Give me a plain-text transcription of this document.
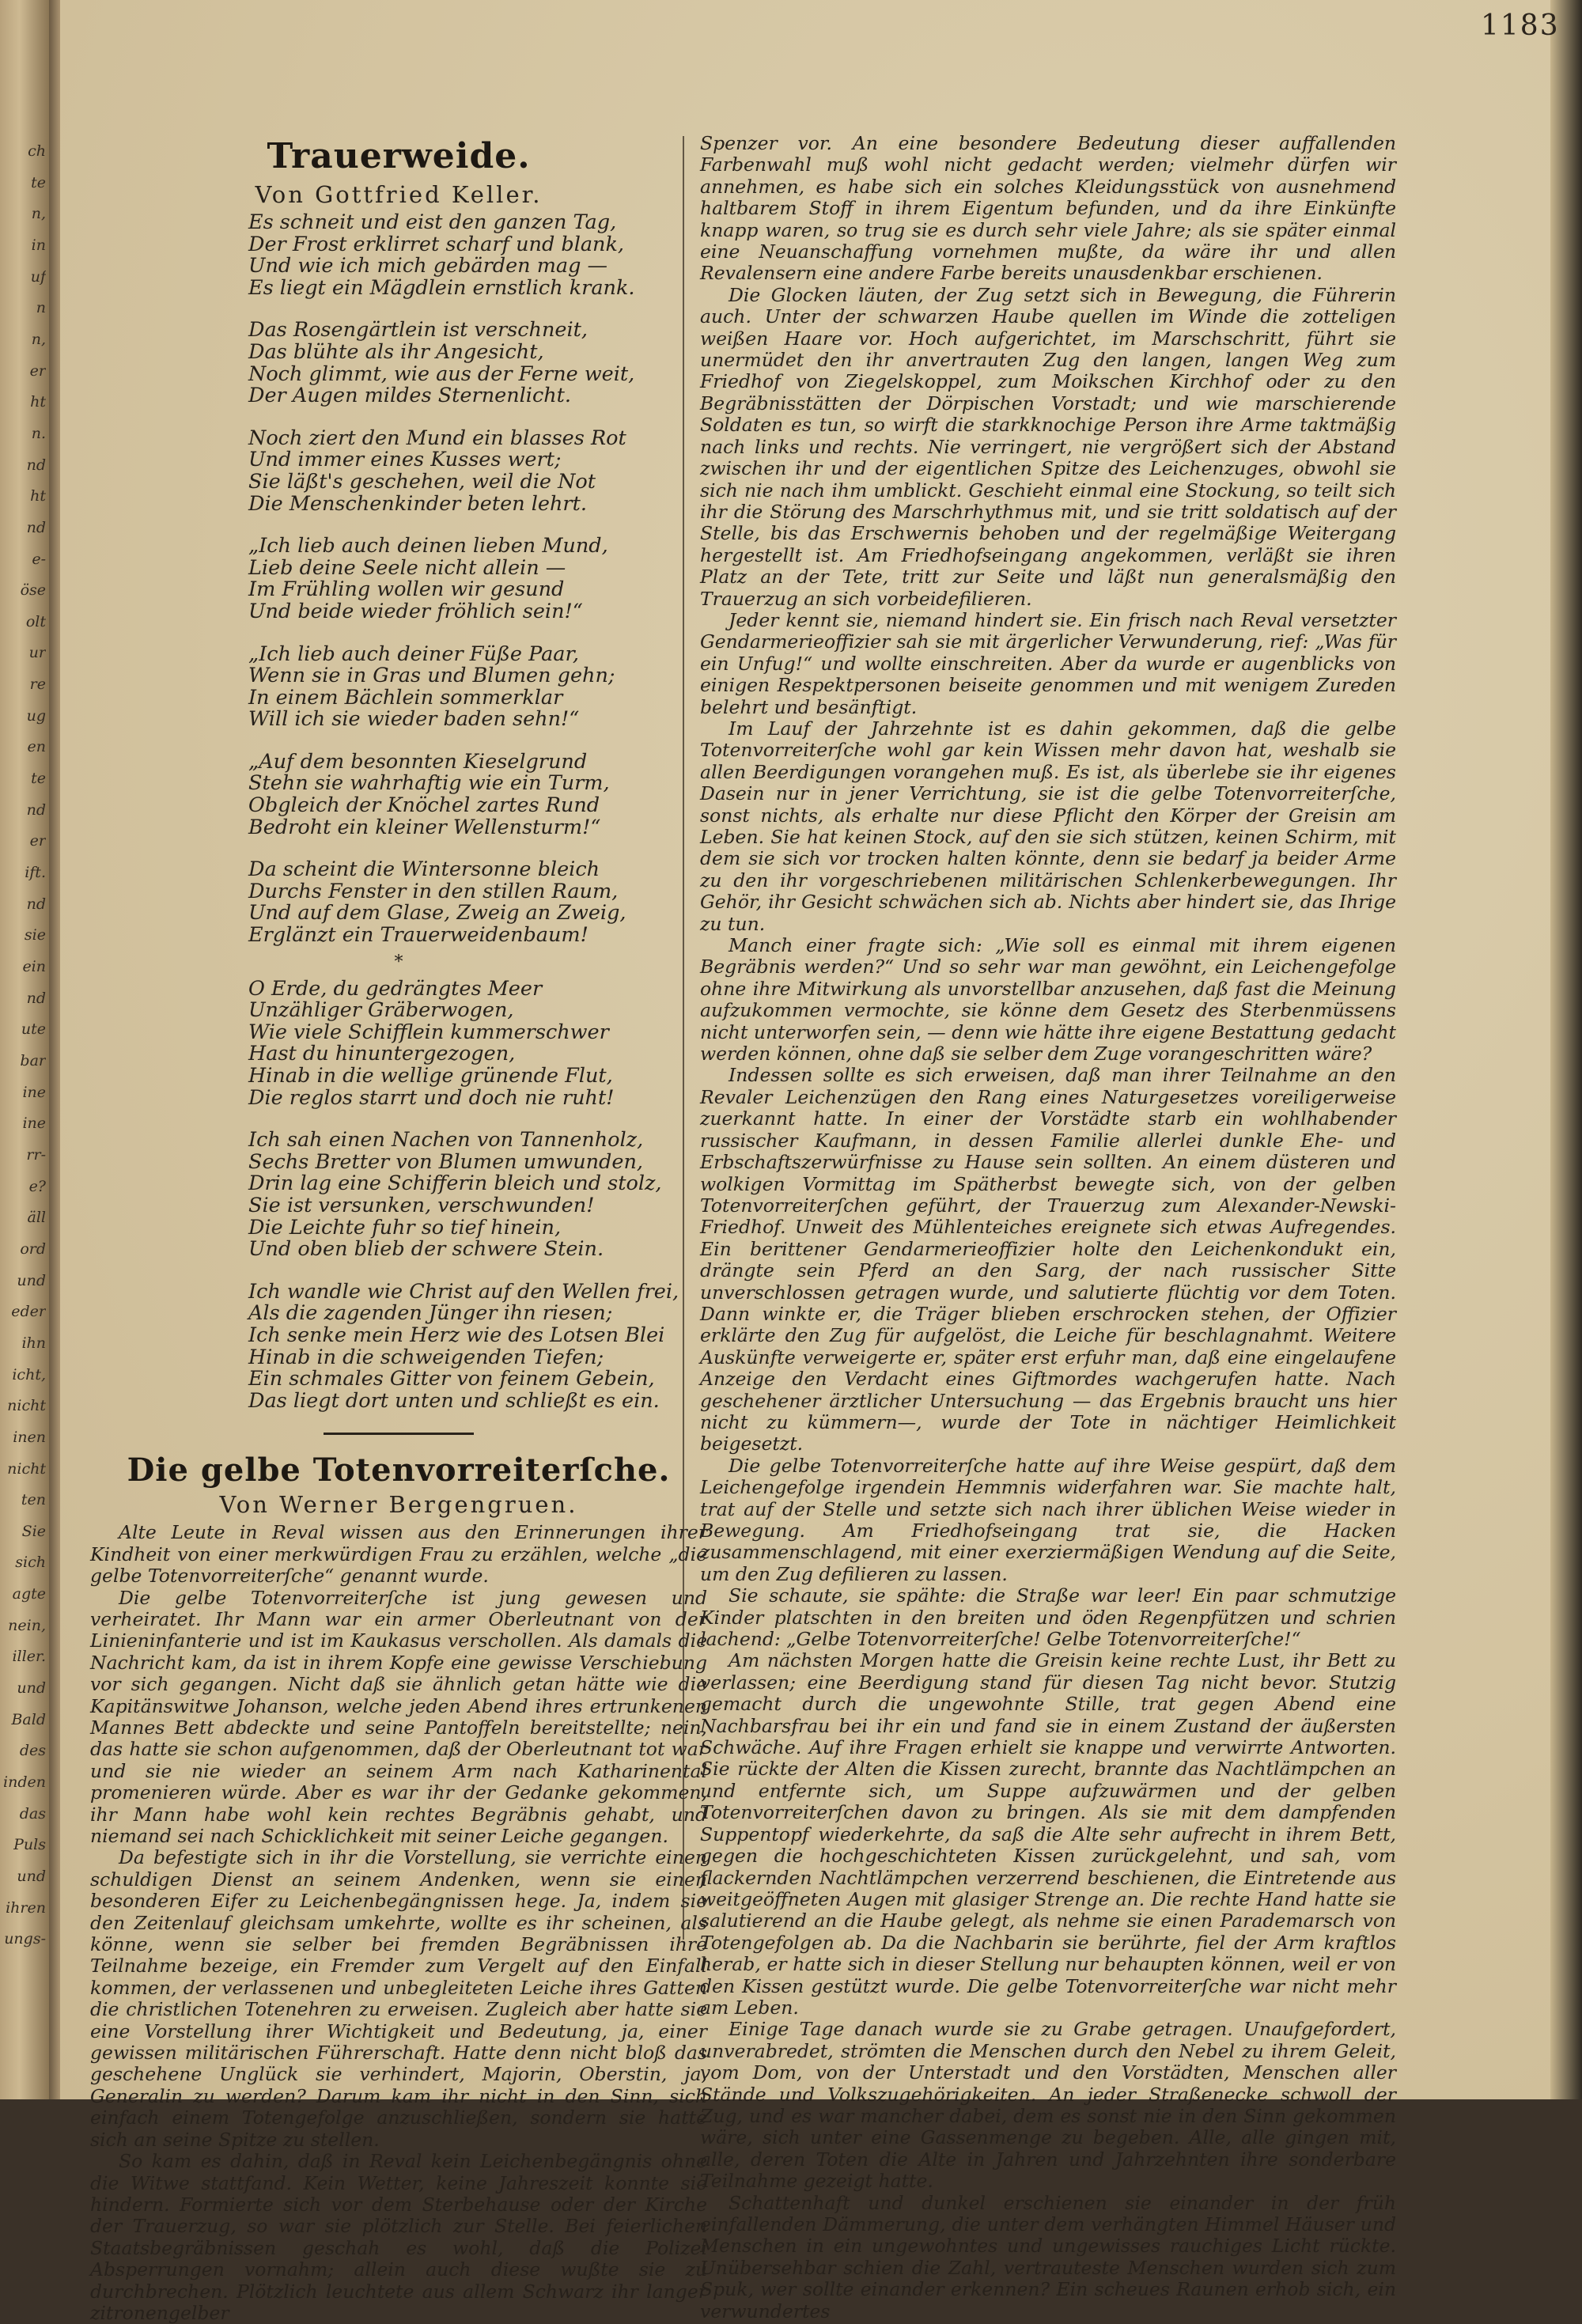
ch
te
n,
in
uf
n
n,
er
ht
n.
nd
ht
nd
e-
öse
olt
ur
re
ug
en
te
nd
er
ift.
nd
sie
ein
nd
ute
bar
ine
ine
rr-
e?
äll
ord
und
eder
ihn
icht,
nicht
inen
nicht
ten
Sie
sich
agte
nein,
iller.
und
Bald
des
inden
das
Puls
und
ihren
ungs-
1183
Trauerweide.
Von Gottfried Keller.
Es schneit und eist den ganzen Tag,
Der Frost erklirret scharf und blank,
Und wie ich mich gebärden mag —
Es liegt ein Mägdlein ernstlich krank.
Das Rosengärtlein ist verschneit,
Das blühte als ihr Angesicht,
Noch glimmt, wie aus der Ferne weit,
Der Augen mildes Sternenlicht.
Noch ziert den Mund ein blasses Rot
Und immer eines Kusses wert;
Sie läßt's geschehen, weil die Not
Die Menschenkinder beten lehrt.
„Ich lieb auch deinen lieben Mund,
Lieb deine Seele nicht allein —
Im Frühling wollen wir gesund
Und beide wieder fröhlich sein!“
„Ich lieb auch deiner Füße Paar,
Wenn sie in Gras und Blumen gehn;
In einem Bächlein sommerklar
Will ich sie wieder baden sehn!“
„Auf dem besonnten Kieselgrund
Stehn sie wahrhaftig wie ein Turm,
Obgleich der Knöchel zartes Rund
Bedroht ein kleiner Wellensturm!“
Da scheint die Wintersonne bleich
Durchs Fenster in den stillen Raum,
Und auf dem Glase, Zweig an Zweig,
Erglänzt ein Trauerweidenbaum!
*
O Erde, du gedrängtes Meer
Unzähliger Gräberwogen,
Wie viele Schifflein kummerschwer
Hast du hinuntergezogen,
Hinab in die wellige grünende Flut,
Die reglos starrt und doch nie ruht!
Ich sah einen Nachen von Tannenholz,
Sechs Bretter von Blumen umwunden,
Drin lag eine Schifferin bleich und stolz,
Sie ist versunken, verschwunden!
Die Leichte fuhr so tief hinein,
Und oben blieb der schwere Stein.
Ich wandle wie Christ auf den Wellen frei,
Als die zagenden Jünger ihn riesen;
Ich senke mein Herz wie des Lotsen Blei
Hinab in die schweigenden Tiefen;
Ein schmales Gitter von feinem Gebein,
Das liegt dort unten und schließt es ein.
Die gelbe Totenvorreiterſche.
Von Werner Bergengruen.

Alte Leute in Reval wissen aus den Erinnerungen ihrer Kindheit von einer merkwürdigen Frau zu erzählen, welche „die gelbe Totenvorreiterſche“ genannt wurde.

Die gelbe Totenvorreiterſche ist jung gewesen und verheiratet. Ihr Mann war ein armer Oberleutnant von der Linieninfanterie und ist im Kaukasus verschollen. Als damals die Nachricht kam, da ist in ihrem Kopfe eine gewisse Verschiebung vor sich gegangen. Nicht daß sie ähnlich getan hätte wie die Kapitänswitwe Johanson, welche jeden Abend ihres ertrunkenen Mannes Bett abdeckte und seine Pantoffeln bereitstellte; nein, das hatte sie schon aufgenommen, daß der Oberleutnant tot war und sie nie wieder an seinem Arm nach Katharinental promenieren würde. Aber es war ihr der Gedanke gekommen, ihr Mann habe wohl kein rechtes Begräbnis gehabt, und niemand sei nach Schicklichkeit mit seiner Leiche gegangen.

Da befestigte sich in ihr die Vorstellung, sie verrichte einen schuldigen Dienst an seinem Andenken, wenn sie einen besonderen Eifer zu Leichenbegängnissen hege. Ja, indem sie den Zeitenlauf gleichsam umkehrte, wollte es ihr scheinen, als könne, wenn sie selber bei fremden Begräbnissen ihre Teilnahme bezeige, ein Fremder zum Vergelt auf den Einfall kommen, der verlassenen und unbegleiteten Leiche ihres Gatten die christlichen Totenehren zu erweisen. Zugleich aber hatte sie eine Vorstellung ihrer Wichtigkeit und Bedeutung, ja, einer gewissen militärischen Führerschaft. Hatte denn nicht bloß das geschehene Unglück sie verhindert, Majorin, Oberstin, ja, Generalin zu werden? Darum kam ihr nicht in den Sinn, sich einfach einem Totengefolge anzuschließen, sondern sie hatte sich an seine Spitze zu stellen.

So kam es dahin, daß in Reval kein Leichenbegängnis ohne die Witwe stattfand. Kein Wetter, keine Jahreszeit konnte sie hindern. Formierte sich vor dem Sterbehause oder der Kirche der Trauerzug, so war sie plötzlich zur Stelle. Bei feierlichen Staatsbegräbnissen geschah es wohl, daß die Polizei Absperrungen vornahm; allein auch diese wußte sie zu durchbrechen. Plötzlich leuchtete aus allem Schwarz ihr langer zitronengelber

Spenzer vor. An eine besondere Bedeutung dieser auffallenden Farbenwahl muß wohl nicht gedacht werden; vielmehr dürfen wir annehmen, es habe sich ein solches Kleidungsstück von ausnehmend haltbarem Stoff in ihrem Eigentum befunden, und da ihre Einkünfte knapp waren, so trug sie es durch sehr viele Jahre; als sie später einmal eine Neuanschaffung vornehmen mußte, da wäre ihr und allen Revalensern eine andere Farbe bereits unausdenkbar erschienen.

Die Glocken läuten, der Zug setzt sich in Bewegung, die Führerin auch. Unter der schwarzen Haube quellen im Winde die zotteligen weißen Haare vor. Hoch aufgerichtet, im Marschschritt, führt sie unermüdet den ihr anvertrauten Zug den langen, langen Weg zum Friedhof von Ziegelskoppel, zum Moikschen Kirchhof oder zu den Begräbnisstätten der Dörpischen Vorstadt; und wie marschierende Soldaten es tun, so wirft die starkknochige Person ihre Arme taktmäßig nach links und rechts. Nie verringert, nie vergrößert sich der Abstand zwischen ihr und der eigentlichen Spitze des Leichenzuges, obwohl sie sich nie nach ihm umblickt. Geschieht einmal eine Stockung, so teilt sich ihr die Störung des Marschrhythmus mit, und sie tritt soldatisch auf der Stelle, bis das Erschwernis behoben und der regelmäßige Weitergang hergestellt ist. Am Friedhofseingang angekommen, verläßt sie ihren Platz an der Tete, tritt zur Seite und läßt nun generalsmäßig den Trauerzug an sich vorbeidefilieren.

Jeder kennt sie, niemand hindert sie. Ein frisch nach Reval versetzter Gendarmerieoffizier sah sie mit ärgerlicher Verwunderung, rief: „Was für ein Unfug!“ und wollte einschreiten. Aber da wurde er augenblicks von einigen Respektpersonen beiseite genommen und mit wenigem Zureden belehrt und besänftigt.

Im Lauf der Jahrzehnte ist es dahin gekommen, daß die gelbe Totenvorreiterſche wohl gar kein Wissen mehr davon hat, weshalb sie allen Beerdigungen vorangehen muß. Es ist, als überlebe sie ihr eigenes Dasein nur in jener Verrichtung, sie ist die gelbe Totenvorreiterſche, sonst nichts, als erhalte nur diese Pflicht den Körper der Greisin am Leben. Sie hat keinen Stock, auf den sie sich stützen, keinen Schirm, mit dem sie sich vor trocken halten könnte, denn sie bedarf ja beider Arme zu den ihr vorgeschriebenen militärischen Schlenkerbewegungen. Ihr Gehör, ihr Gesicht schwächen sich ab. Nichts aber hindert sie, das Ihrige zu tun.

Manch einer fragte sich: „Wie soll es einmal mit ihrem eigenen Begräbnis werden?“ Und so sehr war man gewöhnt, ein Leichengefolge ohne ihre Mitwirkung als unvorstellbar anzusehen, daß fast die Meinung aufzukommen vermochte, sie könne dem Gesetz des Sterbenmüssens nicht unterworfen sein, — denn wie hätte ihre eigene Bestattung gedacht werden können, ohne daß sie selber dem Zuge vorangeschritten wäre?

Indessen sollte es sich erweisen, daß man ihrer Teilnahme an den Revaler Leichenzügen den Rang eines Naturgesetzes voreiligerweise zuerkannt hatte. In einer der Vorstädte starb ein wohlhabender russischer Kaufmann, in dessen Familie allerlei dunkle Ehe- und Erbschaftszerwürfnisse zu Hause sein sollten. An einem düsteren und wolkigen Vormittag im Spätherbst bewegte sich, von der gelben Totenvorreiterſchen geführt, der Trauerzug zum Alexander-Newski-Friedhof. Unweit des Mühlenteiches ereignete sich etwas Aufregendes. Ein berittener Gendarmerieoffizier holte den Leichenkondukt ein, drängte sein Pferd an den Sarg, der nach russischer Sitte unverschlossen getragen wurde, und salutierte flüchtig vor dem Toten. Dann winkte er, die Träger blieben erschrocken stehen, der Offizier erklärte den Zug für aufgelöst, die Leiche für beschlagnahmt. Weitere Auskünfte verweigerte er, später erst erfuhr man, daß eine eingelaufene Anzeige den Verdacht eines Giftmordes wachgerufen hatte. Nach geschehener ärztlicher Untersuchung — das Ergebnis braucht uns hier nicht zu kümmern—, wurde der Tote in nächtiger Heimlichkeit beigesetzt.

Die gelbe Totenvorreiterſche hatte auf ihre Weise gespürt, daß dem Leichengefolge irgendein Hemmnis widerfahren war. Sie machte halt, trat auf der Stelle und setzte sich nach ihrer üblichen Weise wieder in Bewegung. Am Friedhofseingang trat sie, die Hacken zusammenschlagend, mit einer exerziermäßigen Wendung auf die Seite, um den Zug defilieren zu lassen.

Sie schaute, sie spähte: die Straße war leer! Ein paar schmutzige Kinder platschten in den breiten und öden Regenpfützen und schrien lachend: „Gelbe Totenvorreiterſche! Gelbe Totenvorreiterſche!“

Am nächsten Morgen hatte die Greisin keine rechte Lust, ihr Bett zu verlassen; eine Beerdigung stand für diesen Tag nicht bevor. Stutzig gemacht durch die ungewohnte Stille, trat gegen Abend eine Nachbarsfrau bei ihr ein und fand sie in einem Zustand der äußersten Schwäche. Auf ihre Fragen erhielt sie knappe und verwirrte Antworten. Sie rückte der Alten die Kissen zurecht, brannte das Nachtlämpchen an und entfernte sich, um Suppe aufzuwärmen und der gelben Totenvorreiterſchen davon zu bringen. Als sie mit dem dampfenden Suppentopf wiederkehrte, da saß die Alte sehr aufrecht in ihrem Bett, gegen die hochgeschichteten Kissen zurückgelehnt, und sah, vom flackernden Nachtlämpchen verzerrend beschienen, die Eintretende aus weitgeöffneten Augen mit glasiger Strenge an. Die rechte Hand hatte sie salutierend an die Haube gelegt, als nehme sie einen Parademarsch von Totengefolgen ab. Da die Nachbarin sie berührte, fiel der Arm kraftlos herab, er hatte sich in dieser Stellung nur behaupten können, weil er von den Kissen gestützt wurde. Die gelbe Totenvorreiterſche war nicht mehr am Leben.

Einige Tage danach wurde sie zu Grabe getragen. Unaufgefordert, unverabredet, strömten die Menschen durch den Nebel zu ihrem Geleit, vom Dom, von der Unterstadt und den Vorstädten, Menschen aller Stände und Volkszugehörigkeiten. An jeder Straßenecke schwoll der Zug, und es war mancher dabei, dem es sonst nie in den Sinn gekommen wäre, sich unter eine Gassenmenge zu begeben. Alle, alle gingen mit, alle, deren Toten die Alte in Jahren und Jahrzehnten ihre sonderbare Teilnahme gezeigt hatte.

Schattenhaft und dunkel erschienen sie einander in der früh einfallenden Dämmerung, die unter dem verhängten Himmel Häuser und Menschen in ein ungewohntes und ungewisses rauchiges Licht rückte. Unübersehbar schien die Zahl, vertrauteste Menschen wurden sich zum Spuk, wer sollte einander erkennen? Ein scheues Raunen erhob sich, ein verwundertes
